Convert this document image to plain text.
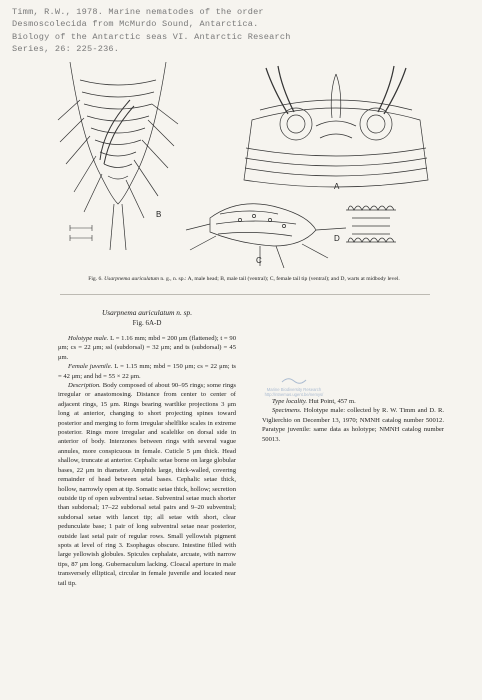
Timm, R.W., 1978. Marine nematodes of the order
Desmoscolecida from McMurdo Sound, Antarctica.
Biology of the Antarctic seas VI. Antarctic Research
Series, 26: 225-236.
B
A
C
D
Fig. 6. Usarpnema auriculatum n. g., n. sp.: A, male head; B, male tail (ventral); C, female tail tip (ventral); and D, warts at midbody level.
Marine Biodiversity Research
http://ntnemas.ugent.be/nemys/
Usarpnema auriculatum n. sp.
Fig. 6A-D

Holotype male. L = 1.16 mm; mbd = 200 μm (flattened); t = 90 μm; cs = 22 μm; ssl (subdorsal) = 32 μm; and ts (subdorsal) = 45 μm.

Female juvenile. L = 1.15 mm; mbd = 150 μm; cs = 22 μm; ts = 42 μm; and hd = 55 × 22 μm.

Description. Body composed of about 90–95 rings; some rings irregular or anastomosing. Distance from center to center of adjacent rings, 15 μm. Rings bearing wartlike projections 3 μm long at anterior, changing to short projecting spines toward posterior and merging to form irregular shelflike scales in extreme posterior. Rings more irregular and scalelike on dorsal side in anterior of body. Interzones between rings with several vague annules, more conspicuous in female. Cuticle 5 μm thick. Head shallow, truncate at anterior. Cephalic setae borne on large globular bases, 22 μm in diameter. Amphids large, thick-walled, covering remainder of head between setal bases. Cephalic setae thick, hollow, narrowly open at tip. Somatic setae thick, hollow; secretion outside tip of open subventral setae. Subventral setae much shorter than subdorsal; 17–22 subdorsal setal pairs and 9–20 subventral; subdorsal setae with lancet tip; all setae with short, clear pedunculate base; 1 pair of long subventral setae near posterior, outside last setal pair of regular rows. Small yellowish pigment spots at level of ring 3. Esophagus obscure. Intestine filled with large yellowish globules. Spicules cephalate, arcuate, with narrow tips, 87 μm long. Gubernaculum lacking. Cloacal aperture in male transversely elliptical, circular in female juvenile and located near tail tip.

Type locality. Hut Point, 457 m.

Specimens. Holotype male: collected by R. W. Timm and D. R. Viglierchio on December 13, 1970; NMNH catalog number 50012. Paratype juvenile: same data as holotype; NMNH catalog number 50013.
